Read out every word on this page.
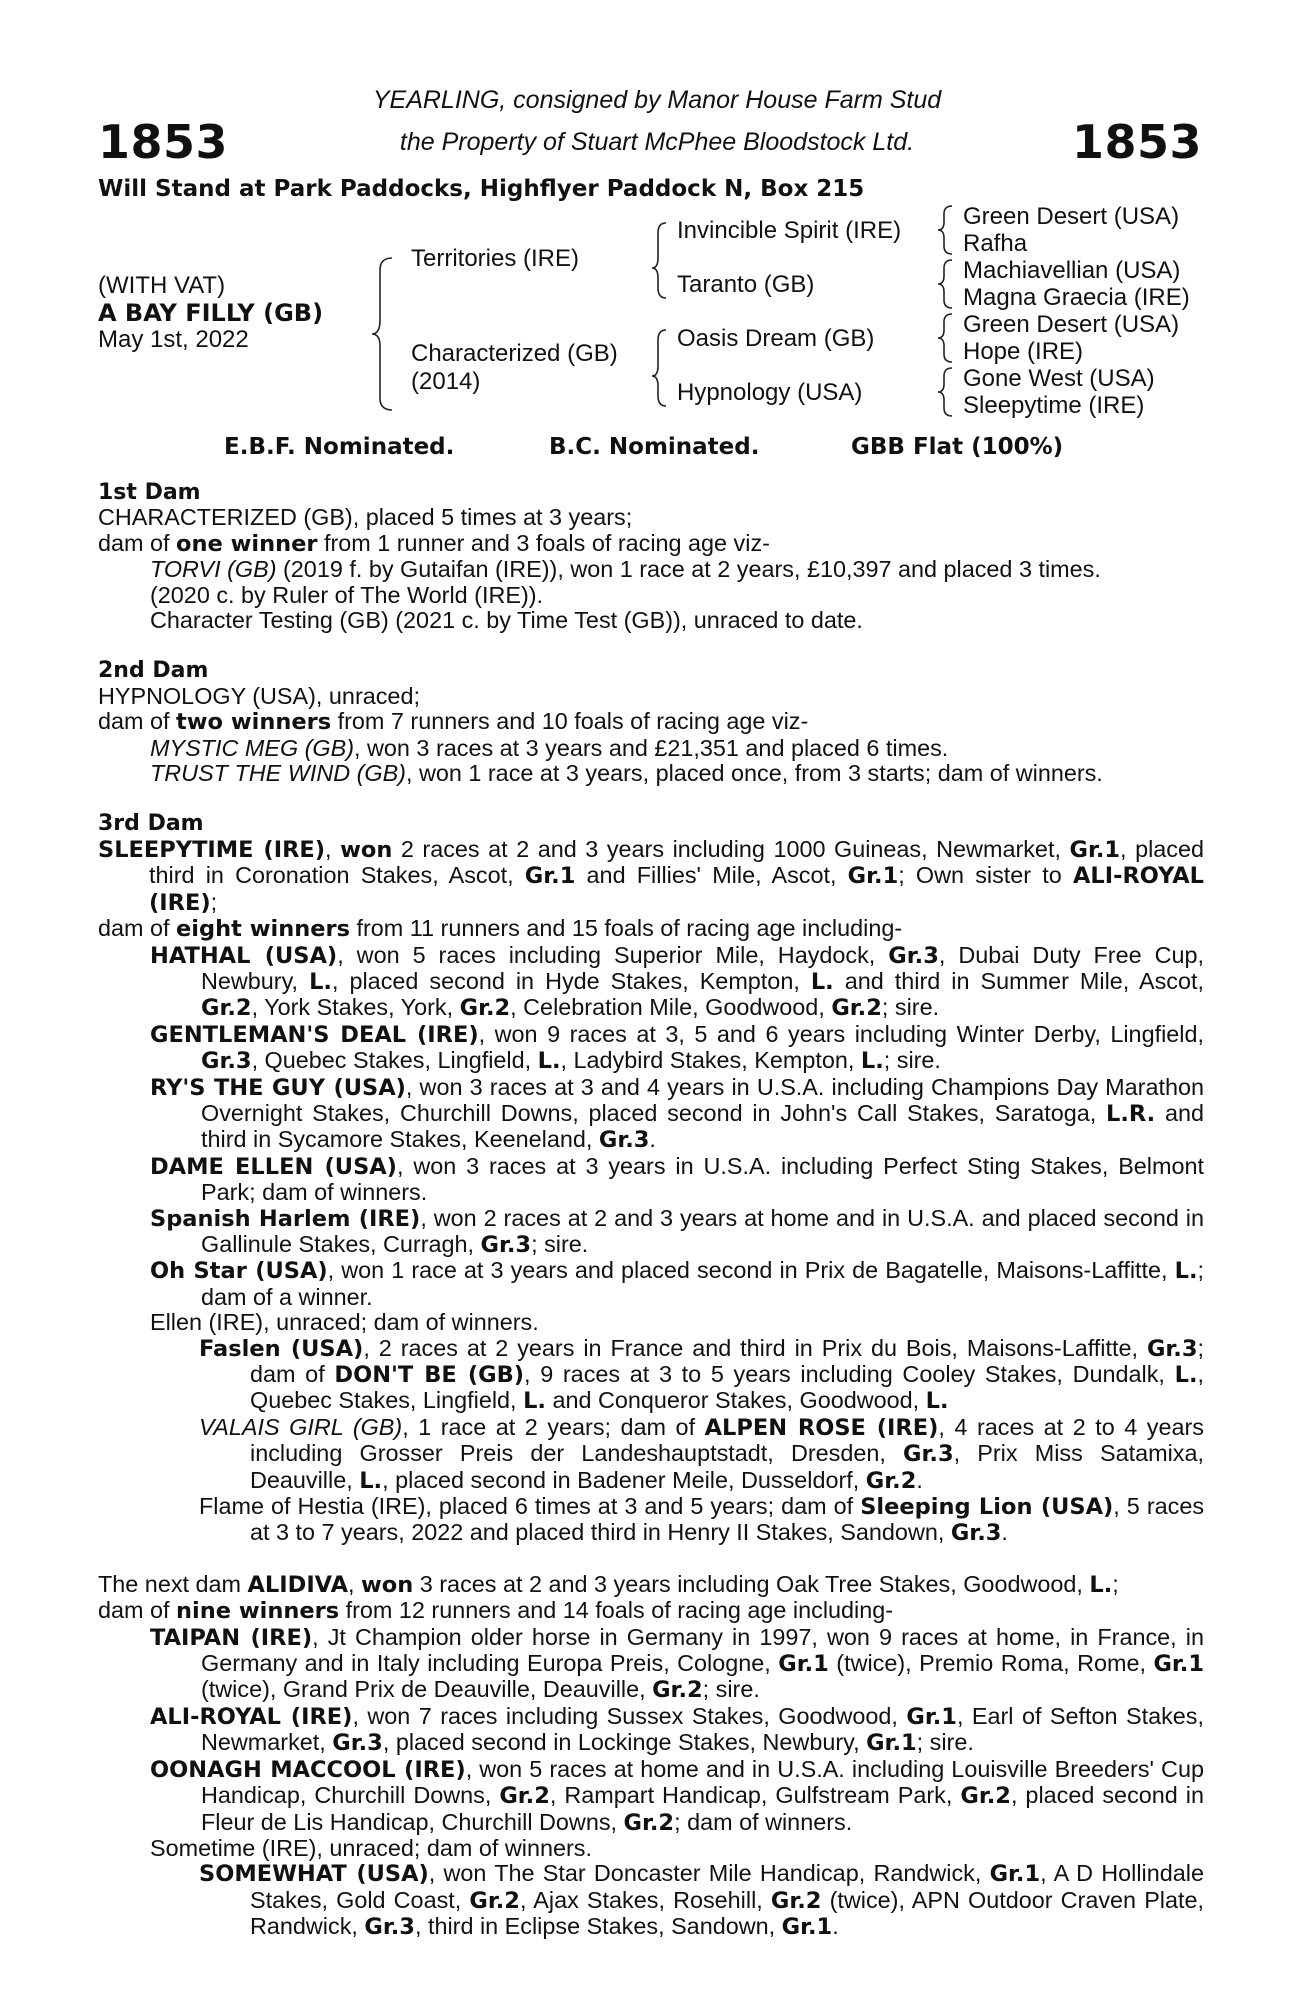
1853	1853
YEARLING, consigned by Manor House Farm Stud
the Property of Stuart McPhee Bloodstock Ltd.
Will Stand at Park Paddocks, Highflyer Paddock N, Box 215
(WITH VAT)
A BAY FILLY (GB)
May 1st, 2022
Territories (IRE)
Characterized (GB)
(2014)
Invincible Spirit (IRE)
Taranto (GB)
Oasis Dream (GB)
Hypnology (USA)
Green Desert (USA)
Rafha
Machiavellian (USA)
Magna Graecia (IRE)
Green Desert (USA)
Hope (IRE)
Gone West (USA)
Sleepytime (IRE)
E.B.F. Nominated.	B.C. Nominated.	GBB Flat (100%)

1st Dam

CHARACTERIZED (GB), placed 5 times at 3 years;

dam of one winner from 1 runner and 3 foals of racing age viz-

TORVI (GB) (2019 f. by Gutaifan (IRE)), won 1 race at 2 years, £10,397 and placed 3 times.

(2020 c. by Ruler of The World (IRE)).

Character Testing (GB) (2021 c. by Time Test (GB)), unraced to date.

2nd Dam

HYPNOLOGY (USA), unraced;

dam of two winners from 7 runners and 10 foals of racing age viz-

MYSTIC MEG (GB), won 3 races at 3 years and £21,351 and placed 6 times.

TRUST THE WIND (GB), won 1 race at 3 years, placed once, from 3 starts; dam of winners.

3rd Dam

SLEEPYTIME (IRE), won 2 races at 2 and 3 years including 1000 Guineas, Newmarket, Gr.1, placed third in Coronation Stakes, Ascot, Gr.1 and Fillies' Mile, Ascot, Gr.1; Own sister to ALI-ROYAL (IRE);

dam of eight winners from 11 runners and 15 foals of racing age including-

HATHAL (USA), won 5 races including Superior Mile, Haydock, Gr.3, Dubai Duty Free Cup, Newbury, L., placed second in Hyde Stakes, Kempton, L. and third in Summer Mile, Ascot, Gr.2, York Stakes, York, Gr.2, Celebration Mile, Goodwood, Gr.2; sire.

GENTLEMAN'S DEAL (IRE), won 9 races at 3, 5 and 6 years including Winter Derby, Lingfield, Gr.3, Quebec Stakes, Lingfield, L., Ladybird Stakes, Kempton, L.; sire.

RY'S THE GUY (USA), won 3 races at 3 and 4 years in U.S.A. including Champions Day Marathon Overnight Stakes, Churchill Downs, placed second in John's Call Stakes, Saratoga, L.R. and third in Sycamore Stakes, Keeneland, Gr.3.

DAME ELLEN (USA), won 3 races at 3 years in U.S.A. including Perfect Sting Stakes, Belmont Park; dam of winners.

Spanish Harlem (IRE), won 2 races at 2 and 3 years at home and in U.S.A. and placed second in Gallinule Stakes, Curragh, Gr.3; sire.

Oh Star (USA), won 1 race at 3 years and placed second in Prix de Bagatelle, Maisons-Laffitte, L.; dam of a winner.

Ellen (IRE), unraced; dam of winners.

Faslen (USA), 2 races at 2 years in France and third in Prix du Bois, Maisons-Laffitte, Gr.3; dam of DON'T BE (GB), 9 races at 3 to 5 years including Cooley Stakes, Dundalk, L., Quebec Stakes, Lingfield, L. and Conqueror Stakes, Goodwood, L.

VALAIS GIRL (GB), 1 race at 2 years; dam of ALPEN ROSE (IRE), 4 races at 2 to 4 years including Grosser Preis der Landeshauptstadt, Dresden, Gr.3, Prix Miss Satamixa, Deauville, L., placed second in Badener Meile, Dusseldorf, Gr.2.

Flame of Hestia (IRE), placed 6 times at 3 and 5 years; dam of Sleeping Lion (USA), 5 races at 3 to 7 years, 2022 and placed third in Henry II Stakes, Sandown, Gr.3.

The next dam ALIDIVA, won 3 races at 2 and 3 years including Oak Tree Stakes, Goodwood, L.;

dam of nine winners from 12 runners and 14 foals of racing age including-

TAIPAN (IRE), Jt Champion older horse in Germany in 1997, won 9 races at home, in France, in Germany and in Italy including Europa Preis, Cologne, Gr.1 (twice), Premio Roma, Rome, Gr.1 (twice), Grand Prix de Deauville, Deauville, Gr.2; sire.

ALI-ROYAL (IRE), won 7 races including Sussex Stakes, Goodwood, Gr.1, Earl of Sefton Stakes, Newmarket, Gr.3, placed second in Lockinge Stakes, Newbury, Gr.1; sire.

OONAGH MACCOOL (IRE), won 5 races at home and in U.S.A. including Louisville Breeders' Cup Handicap, Churchill Downs, Gr.2, Rampart Handicap, Gulfstream Park, Gr.2, placed second in Fleur de Lis Handicap, Churchill Downs, Gr.2; dam of winners.

Sometime (IRE), unraced; dam of winners.

SOMEWHAT (USA), won The Star Doncaster Mile Handicap, Randwick, Gr.1, A D Hollindale Stakes, Gold Coast, Gr.2, Ajax Stakes, Rosehill, Gr.2 (twice), APN Outdoor Craven Plate, Randwick, Gr.3, third in Eclipse Stakes, Sandown, Gr.1.
